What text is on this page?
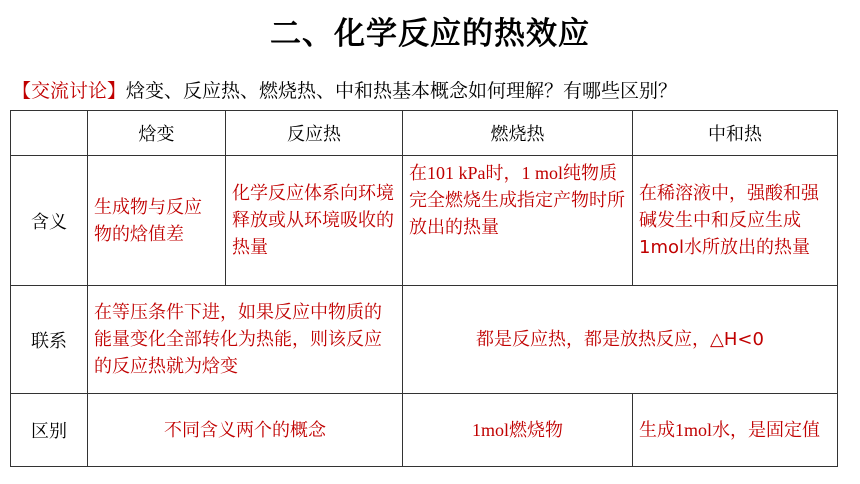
二、化学反应的热效应
【交流讨论】焓变、反应热、燃烧热、中和热基本概念如何理解？有哪些区别？
	焓变	反应热	燃烧热	中和热
含义	生成物与反应物的焓值差	化学反应体系向环境释放或从环境吸收的热量	在101 kPa时，1 mol纯物质完全燃烧生成指定产物时所放出的热量	在稀溶液中，强酸和强碱发生中和反应生成1mol水所放出的热量
联系	在等压条件下进，如果反应中物质的能量变化全部转化为热能，则该反应的反应热就为焓变		都是反应热，都是放热反应，△H<0	
区别	不同含义两个的概念		1mol燃烧物	生成1mol水，是固定值
